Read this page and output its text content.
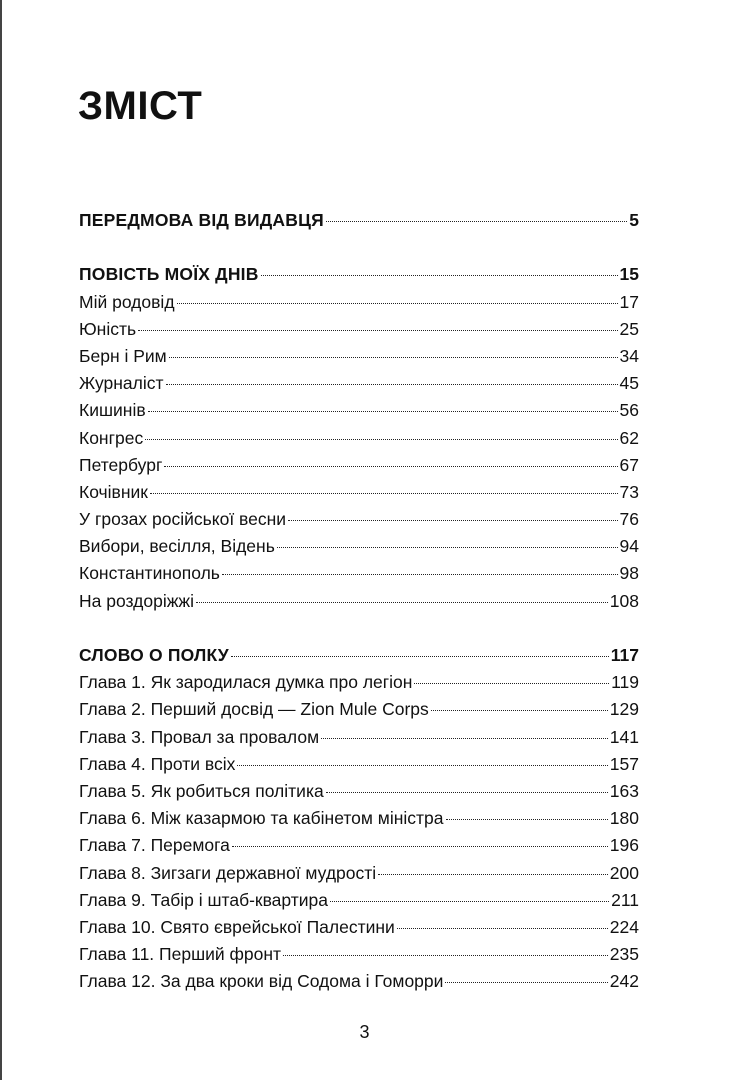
ЗМІСТ
ПЕРЕДМОВА ВІД ВИДАВЦЯ	5
ПОВІСТЬ МОЇХ ДНІВ	15
Мій родовід	17
Юність	25
Берн і Рим	34
Журналіст	45
Кишинів	56
Конгрес	62
Петербург	67
Кочівник	73
У грозах російської весни	76
Вибори, весілля, Відень	94
Константинополь	98
На роздоріжжі	108
СЛОВО О ПОЛКУ	117
Глава 1. Як зародилася думка про легіон	119
Глава 2. Перший досвід — Zion Mule Corps	129
Глава 3. Провал за провалом	141
Глава 4. Проти всіх	157
Глава 5. Як робиться політика	163
Глава 6. Між казармою та кабінетом міністра	180
Глава 7. Перемога	196
Глава 8. Зигзаги державної мудрості	200
Глава 9. Табір і штаб-квартира	211
Глава 10. Свято єврейської Палестини	224
Глава 11. Перший фронт	235
Глава 12. За два кроки від Содома і Гоморри	242
3
